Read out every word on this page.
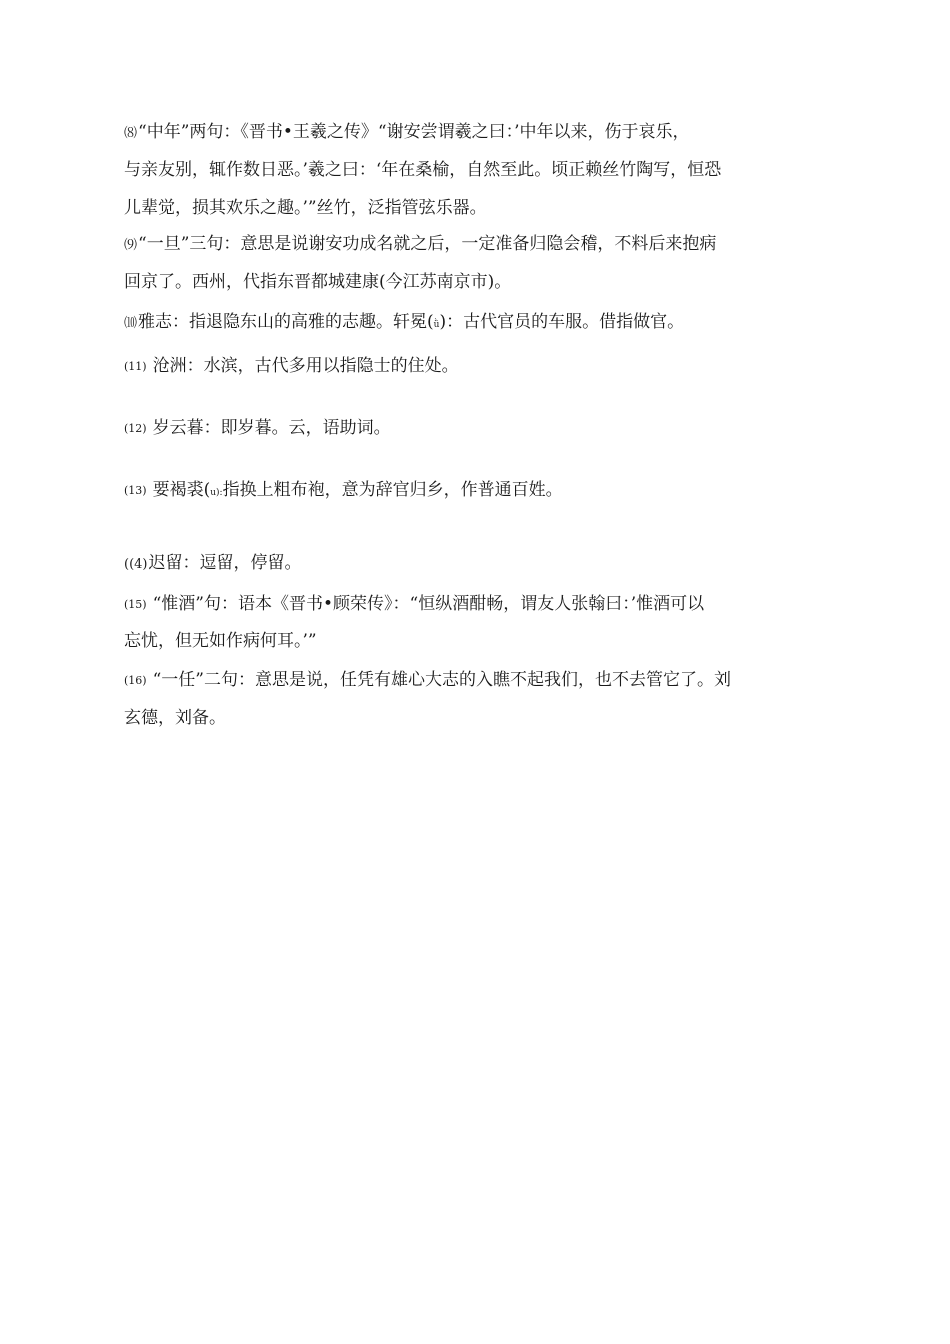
⑻“中年”两句：《晋书•王羲之传》“谢安尝谓羲之曰：’中年以来，伤于哀乐，
与亲友别，辄作数日恶。’羲之曰：‘年在桑榆，自然至此。顷正赖丝竹陶写，恒恐
儿辈觉，损其欢乐之趣。’”丝竹，泛指管弦乐器。
⑼“一旦”三句：意思是说谢安功成名就之后，一定准备归隐会稽，不料后来抱病
回京了。西州，代指东晋都城建康(今江苏南京市)。
⑽雅志：指退隐东山的高雅的志趣。轩冕(ǜ)：古代官员的车服。借指做官。
(11) 沧洲：水滨，古代多用以指隐士的住处。
(12) 岁云暮：即岁暮。云，语助词。
(13) 要褐裘(u):指换上粗布袍，意为辞官归乡，作普通百姓。
((4)迟留：逗留，停留。
(15) “惟酒”句：语本《晋书•顾荣传》：“恒纵酒酣畅，谓友人张翰曰：’惟酒可以
忘忧，但无如作病何耳。’”
(16) “一任”二句：意思是说，任凭有雄心大志的入瞧不起我们，也不去管它了。刘
玄德，刘备。
